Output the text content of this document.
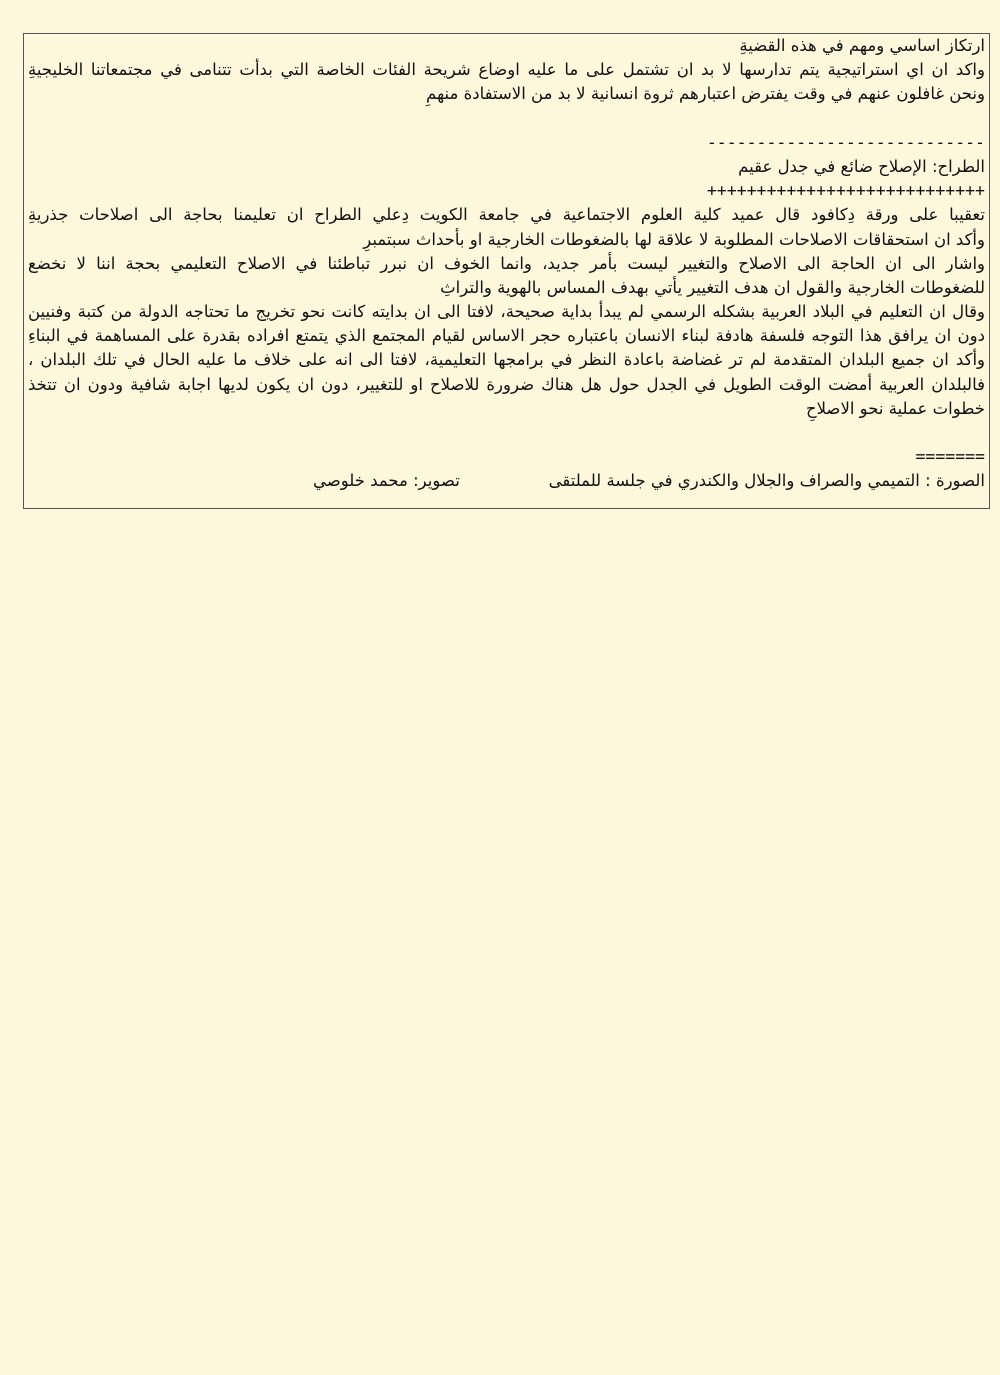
ارتكاز اساسي ومهم في هذه القضيةِ
واكد ان اي استراتيجية يتم تدارسها لا بد ان تشتمل على ما عليه اوضاع شريحة الفئات الخاصة التي بدأت تتنامى في مجتمعاتنا الخليجيةِ
ونحن غافلون عنهم في وقت يفترض اعتبارهم ثروة انسانية لا بد من الاستفادة منهمِ
----------------------------
الطراح: الإصلاح ضائع في جدل عقيم
++++++++++++++++++++++++++++
تعقيبا على ورقة دِكافود قال عميد كلية العلوم الاجتماعية في جامعة الكويت دِعلي الطراح ان تعليمنا بحاجة الى اصلاحات جذريةِ
وأكد ان استحقاقات الاصلاحات المطلوبة لا علاقة لها بالضغوطات الخارجية او بأحداث سبتمبرِ
واشار الى ان الحاجة الى الاصلاح والتغيير ليست بأمر جديد، وانما الخوف ان نبرر تباطئنا في الاصلاح التعليمي بحجة اننا لا نخضع
للضغوطات الخارجية والقول ان هدف التغيير يأتي بهدف المساس بالهوية والتراثِ
وقال ان التعليم في البلاد العربية بشكله الرسمي لم يبدأ بداية صحيحة، لافتا الى ان بدايته كانت نحو تخريج ما تحتاجه الدولة من كتبة وفنيين
دون ان يرافق هذا التوجه فلسفة هادفة لبناء الانسان باعتباره حجر الاساس لقيام المجتمع الذي يتمتع افراده بقدرة على المساهمة في البناءِ
وأكد ان جميع البلدان المتقدمة لم تر غضاضة باعادة النظر في برامجها التعليمية، لافتا الى انه على خلاف ما عليه الحال في تلك البلدان ،
فالبلدان العربية أمضت الوقت الطويل في الجدل حول هل هناك ضرورة للاصلاح او للتغيير، دون ان يكون لديها اجابة شافية ودون ان تتخذ
خطوات عملية نحو الاصلاحِ
=======
الصورة : التميمي والصراف والجلال والكندري في جلسة للملتقى
تصوير: محمد خلوصي
